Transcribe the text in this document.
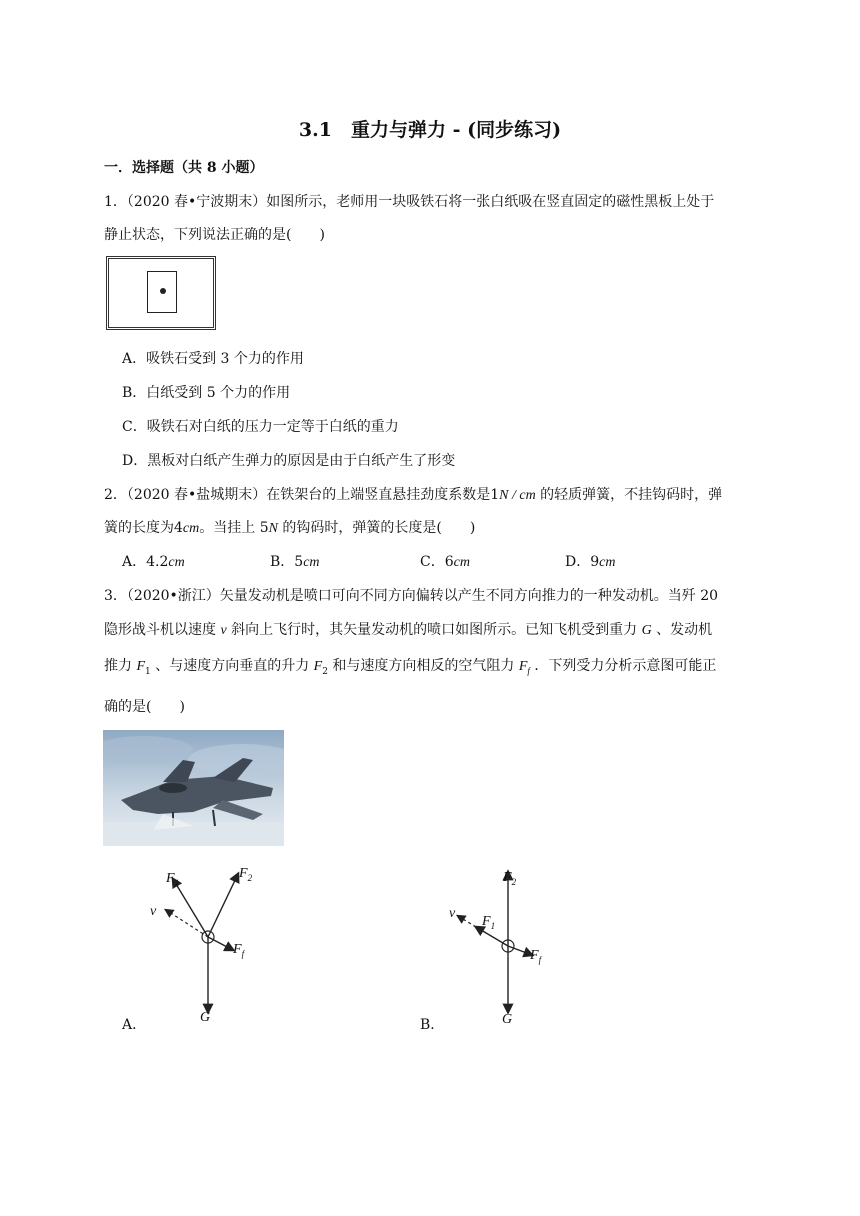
3.1　重力与弹力 - (同步练习)
一．选择题（共 8 小题）
1．（2020 春•宁波期末）如图所示，老师用一块吸铁石将一张白纸吸在竖直固定的磁性黑板上处于
静止状态，下列说法正确的是(　　)
A．吸铁石受到 3 个力的作用
B．白纸受到 5 个力的作用
C．吸铁石对白纸的压力一定等于白纸的重力
D．黑板对白纸产生弹力的原因是由于白纸产生了形变
2．（2020 春•盐城期末）在铁架台的上端竖直悬挂劲度系数是1N / cm 的轻质弹簧，不挂钩码时，弹
簧的长度为4cm。当挂上 5N 的钩码时，弹簧的长度是(　　)
A．4.2cm	B．5cm	C．6cm	D．9cm
3．（2020•浙江）矢量发动机是喷口可向不同方向偏转以产生不同方向推力的一种发动机。当歼 20
隐形战斗机以速度 v 斜向上飞行时，其矢量发动机的喷口如图所示。已知飞机受到重力 G 、发动机
推力 $F_1$ 、与速度方向垂直的升力 $F_2$ 和与速度方向相反的空气阻力 $F_f$ ．下列受力分析示意图可能正
确的是(　　)
$F_1$
$F_2$
v
$F_f$
G
A．
$F_2$
v
$F_1$
$F_f$
G
B．
